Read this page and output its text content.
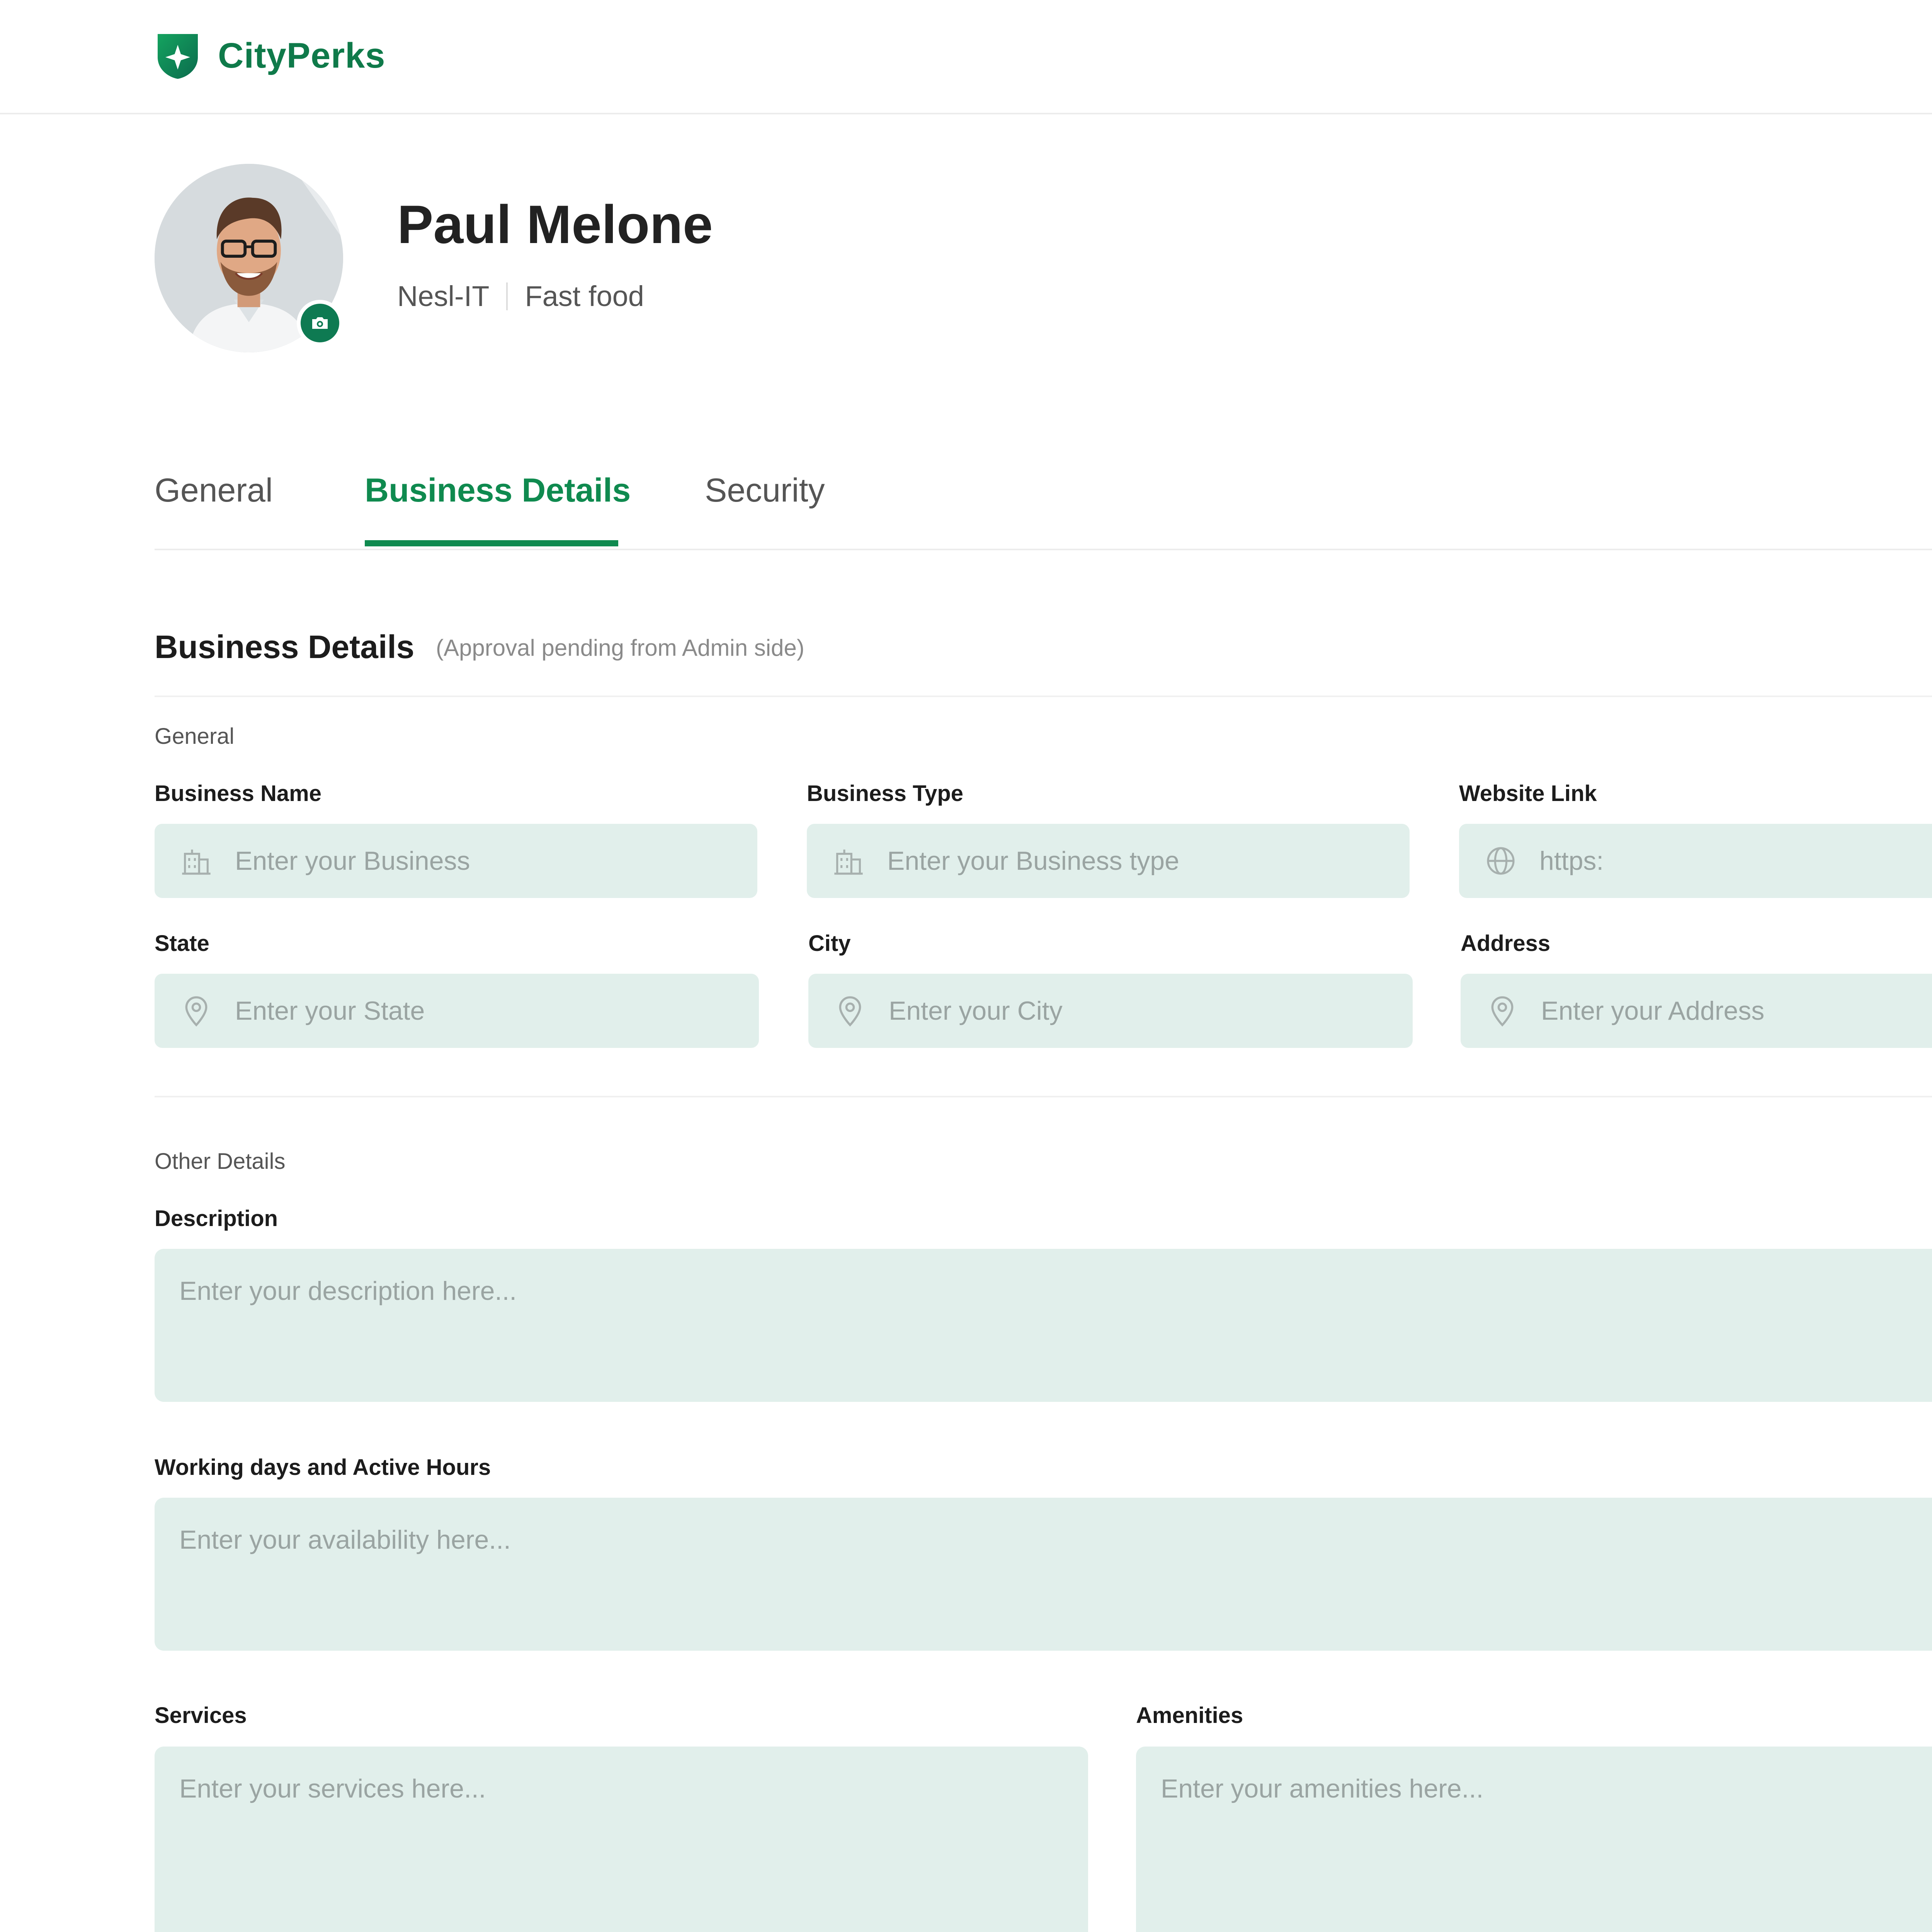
CityPerks
Paul Melone
Nesl-IT Fast food
General	Business Details Security
Business Details (Approval pending from Admin side)
General
Business Name
Enter your Business
Business Type
Enter your Business type
Website Link
https:
State
Enter your State
City
Enter your City
Address
Enter your Address
Other Details
Description
Enter your description here...
Working days and Active Hours
Enter your availability here...
Services
Enter your services here...
Amenities
Enter your amenities here...
